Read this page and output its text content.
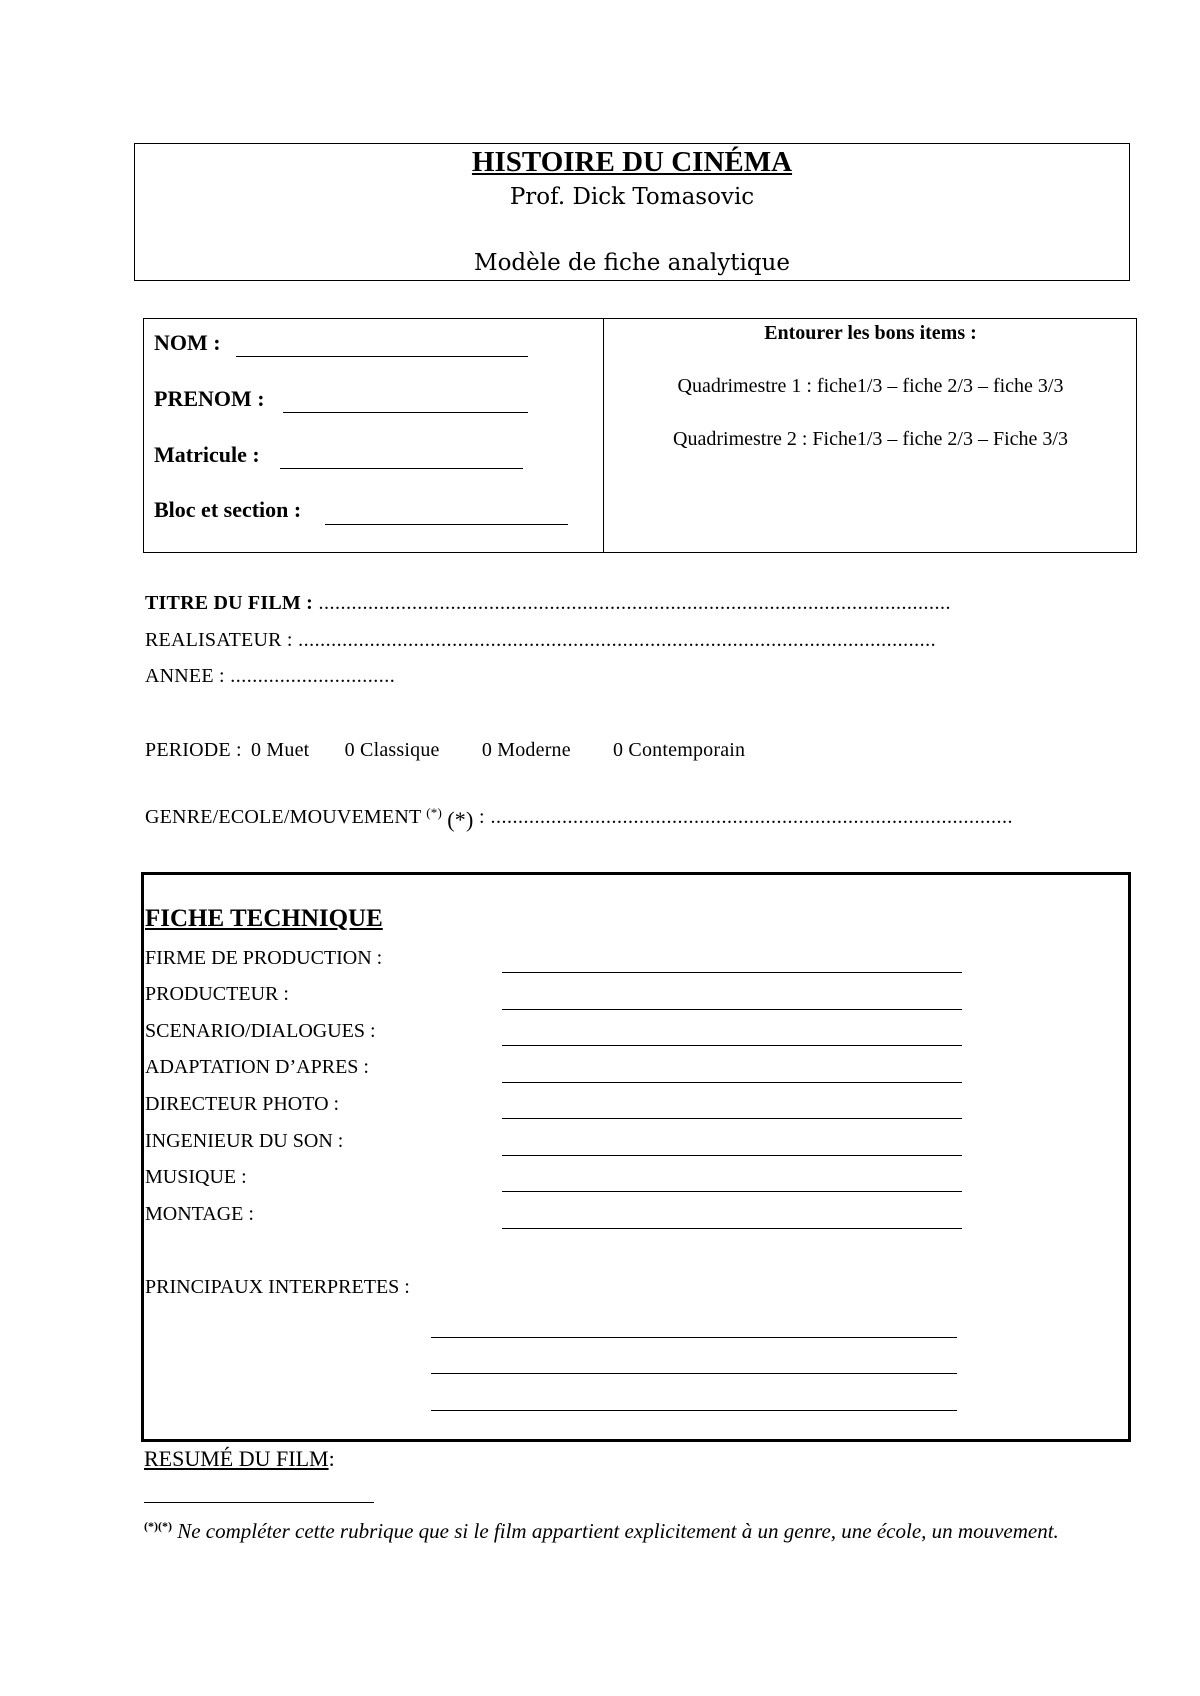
HISTOIRE DU CINÉMA
Prof. Dick Tomasovic
Modèle de fiche analytique
NOM :
PRENOM :
Matricule :
Bloc et section :
Entourer les bons items :
Quadrimestre 1 : fiche1/3 – fiche 2/3 – fiche 3/3
Quadrimestre 2 : Fiche1/3 – fiche 2/3 – Fiche 3/3
TITRE DU FILM : ...................................................................................................................
REALISATEUR : ....................................................................................................................
ANNEE : ..............................
PERIODE : 0 Muet 0 Classique 0 Moderne 0 Contemporain
GENRE/ECOLE/MOUVEMENT (*) (*) : ...............................................................................................
FICHE TECHNIQUE
FIRME DE PRODUCTION :
PRODUCTEUR :
SCENARIO/DIALOGUES :
ADAPTATION D’APRES :
DIRECTEUR PHOTO :
INGENIEUR DU SON :
MUSIQUE :
MONTAGE :
PRINCIPAUX INTERPRETES :
RESUMÉ DU FILM:
(*)(*) Ne compléter cette rubrique que si le film appartient explicitement à un genre, une école, un mouvement.
